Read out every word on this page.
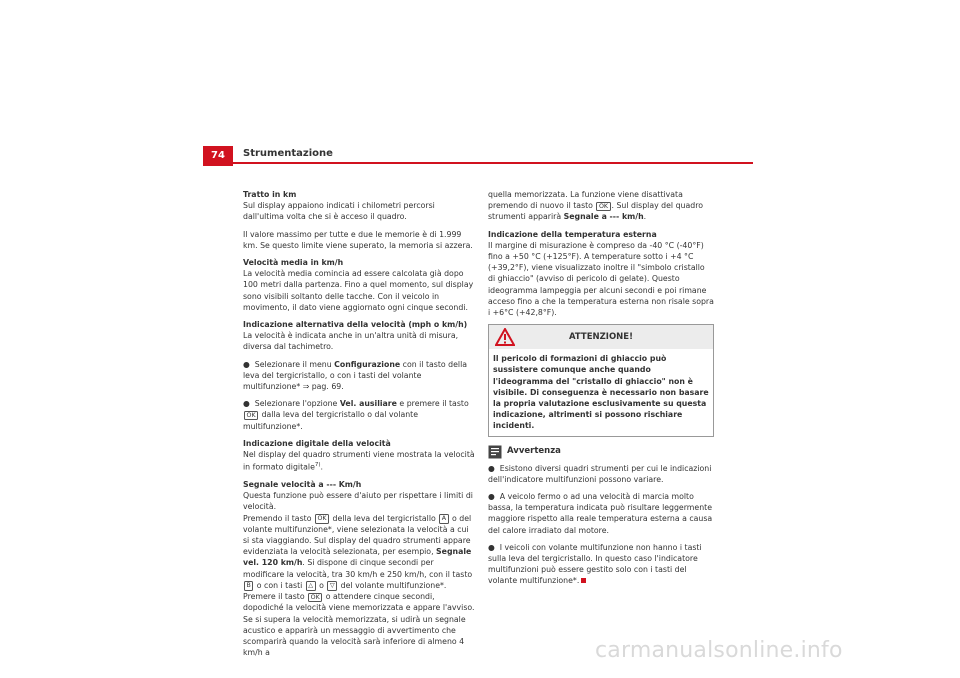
74	Strumentazione
Tratto in km

Sul display appaiono indicati i chilometri percorsi dall'ultima volta che si è acceso il quadro.

Il valore massimo per tutte e due le memorie è di 1.999 km. Se questo limite viene superato, la memoria si azzera.

Velocità media in km/h

La velocità media comincia ad essere calcolata già dopo 100 metri dalla partenza. Fino a quel momento, sul display sono visibili soltanto delle tacche. Con il veicolo in movimento, il dato viene aggiornato ogni cinque secondi.

Indicazione alternativa della velocità (mph o km/h)

La velocità è indicata anche in un'altra unità di misura, diversa dal tachimetro.

● Selezionare il menu Configurazione con il tasto della leva del tergicristallo, o con i tasti del volante multifunzione* ⇒ pag. 69.

● Selezionare l'opzione Vel. ausiliare e premere il tasto OK dalla leva del tergicristallo o dal volante multifunzione*.

Indicazione digitale della velocità

Nel display del quadro strumenti viene mostrata la velocità in formato digitale$^{7)}$.

Segnale velocità a --- Km/h

Questa funzione può essere d'aiuto per rispettare i limiti di velocità.
Premendo il tasto OK della leva del tergicristallo A o del volante multifunzione*, viene selezionata la velocità a cui si sta viaggiando. Sul display del quadro strumenti appare evidenziata la velocità selezionata, per esempio, Segnale vel. 120 km/h. Si dispone di cinque secondi per modificare la velocità, tra 30 km/h e 250 km/h, con il tasto B o con i tasti △ o ▽ del volante multifunzione*. Premere il tasto OK o attendere cinque secondi, dopodiché la velocità viene memorizzata e appare l'avviso. Se si supera la velocità memorizzata, si udirà un segnale acustico e apparirà un messaggio di avvertimento che scomparirà quando la velocità sarà inferiore di almeno 4 km/h a

quella memorizzata. La funzione viene disattivata premendo di nuovo il tasto OK . Sul display del quadro strumenti apparirà Segnale a --- km/h.

Indicazione della temperatura esterna

Il margine di misurazione è compreso da -40 °C (-40°F) fino a +50 °C (+125°F). A temperature sotto i +4 °C (+39,2°F), viene visualizzato inoltre il "simbolo cristallo di ghiaccio" (avviso di pericolo di gelate). Questo ideogramma lampeggia per alcuni secondi e poi rimane acceso fino a che la temperatura esterna non risale sopra i +6°C (+42,8°F).

ATTENZIONE!
Il pericolo di formazioni di ghiaccio può sussistere comunque anche quando l'ideogramma del "cristallo di ghiaccio" non è visibile. Di conseguenza è necessario non basare la propria valutazione esclusivamente su questa indicazione, altrimenti si possono rischiare incidenti.
Avvertenza

● Esistono diversi quadri strumenti per cui le indicazioni dell'indicatore multifunzioni possono variare.

● A veicolo fermo o ad una velocità di marcia molto bassa, la temperatura indicata può risultare leggermente maggiore rispetto alla reale temperatura esterna a causa del calore irradiato dal motore.

● I veicoli con volante multifunzione non hanno i tasti sulla leva del tergicristallo. In questo caso l'indicatore multifunzioni può essere gestito solo con i tasti del volante multifunzione*.

carmanualsonline.info
